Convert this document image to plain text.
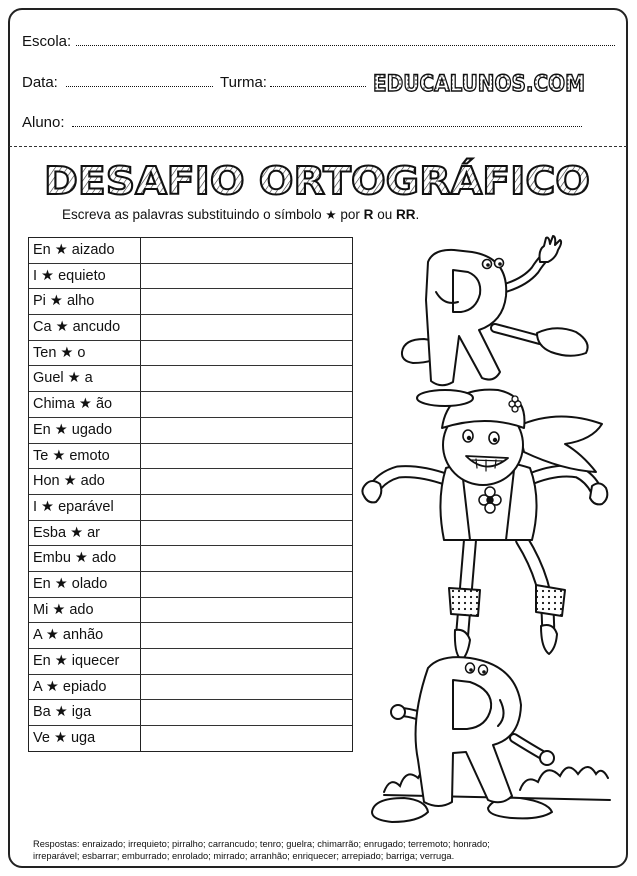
Escola:
Data:	Turma:	EDUCALUNOS.COM
Aluno:
DESAFIO ORTOGRÁFICO
Escreva as palavras substituindo o símbolo ★ por R ou RR.
En ★ aizado
I ★ equieto
Pi ★ alho
Ca ★ ancudo
Ten ★ o
Guel ★ a
Chima ★ ão
En ★ ugado
Te ★ emoto
Hon ★ ado
I ★ eparável
Esba ★ ar
Embu ★ ado
En ★ olado
Mi ★ ado
A ★ anhão
En ★ iquecer
A ★ epiado
Ba ★ iga
Ve ★ uga
Respostas: enraizado; irrequieto; pirralho; carrancudo; tenro; guelra; chimarrão; enrugado; terremoto; honrado;
irreparável; esbarrar; emburrado; enrolado; mirrado; arranhão; enriquecer; arrepiado; barriga; verruga.
